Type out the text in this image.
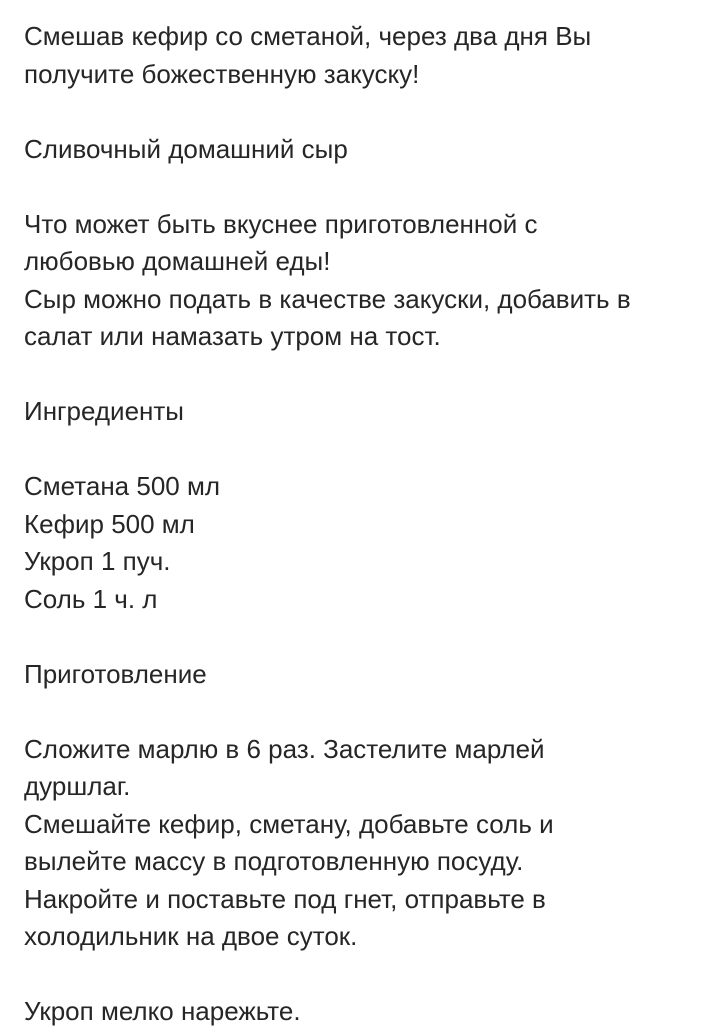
Смешав кефир со сметаной, через два дня Вы
получите божественную закуску!

Сливочный домашний сыр

Что может быть вкуснее приготовленной с
любовью домашней еды!
Сыр можно подать в качестве закуски, добавить в
салат или намазать утром на тост.

Ингредиенты

Сметана 500 мл

Кефир 500 мл

Укроп 1 пуч.

Соль 1 ч. л

Приготовление

Сложите марлю в 6 раз. Застелите марлей
дуршлаг.
Смешайте кефир, сметану, добавьте соль и
вылейте массу в подготовленную посуду.
Накройте и поставьте под гнет, отправьте в
холодильник на двое суток.

Укроп мелко нарежьте.
